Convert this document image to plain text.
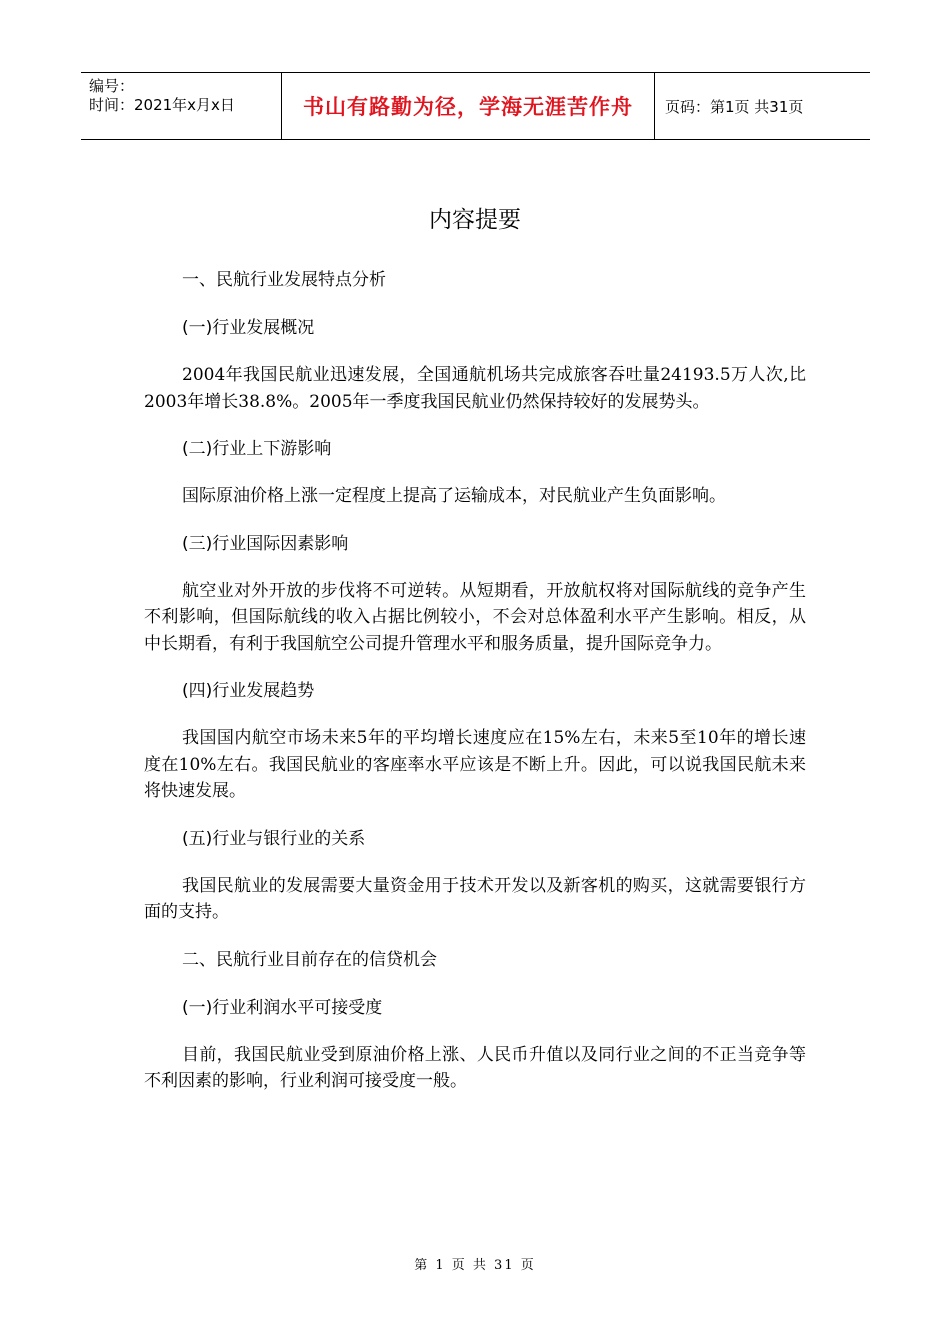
编号：
时间：2021年x月x日	书山有路勤为径，学海无涯苦作舟 页码：第1页 共31页
内容提要

一、民航行业发展特点分析

(一)行业发展概况

2004年我国民航业迅速发展，全国通航机场共完成旅客吞吐量24193.5万人次,比2003年增长38.8%。2005年一季度我国民航业仍然保持较好的发展势头。

(二)行业上下游影响

国际原油价格上涨一定程度上提高了运输成本，对民航业产生负面影响。

(三)行业国际因素影响

航空业对外开放的步伐将不可逆转。从短期看，开放航权将对国际航线的竞争产生不利影响，但国际航线的收入占据比例较小，不会对总体盈利水平产生影响。相反，从中长期看，有利于我国航空公司提升管理水平和服务质量，提升国际竞争力。

(四)行业发展趋势

我国国内航空市场未来5年的平均增长速度应在15%左右，未来5至10年的增长速度在10%左右。我国民航业的客座率水平应该是不断上升。因此，可以说我国民航未来将快速发展。

(五)行业与银行业的关系

我国民航业的发展需要大量资金用于技术开发以及新客机的购买，这就需要银行方面的支持。

二、民航行业目前存在的信贷机会

(一)行业利润水平可接受度

目前，我国民航业受到原油价格上涨、人民币升值以及同行业之间的不正当竞争等不利因素的影响，行业利润可接受度一般。

第 1 页 共 31 页
